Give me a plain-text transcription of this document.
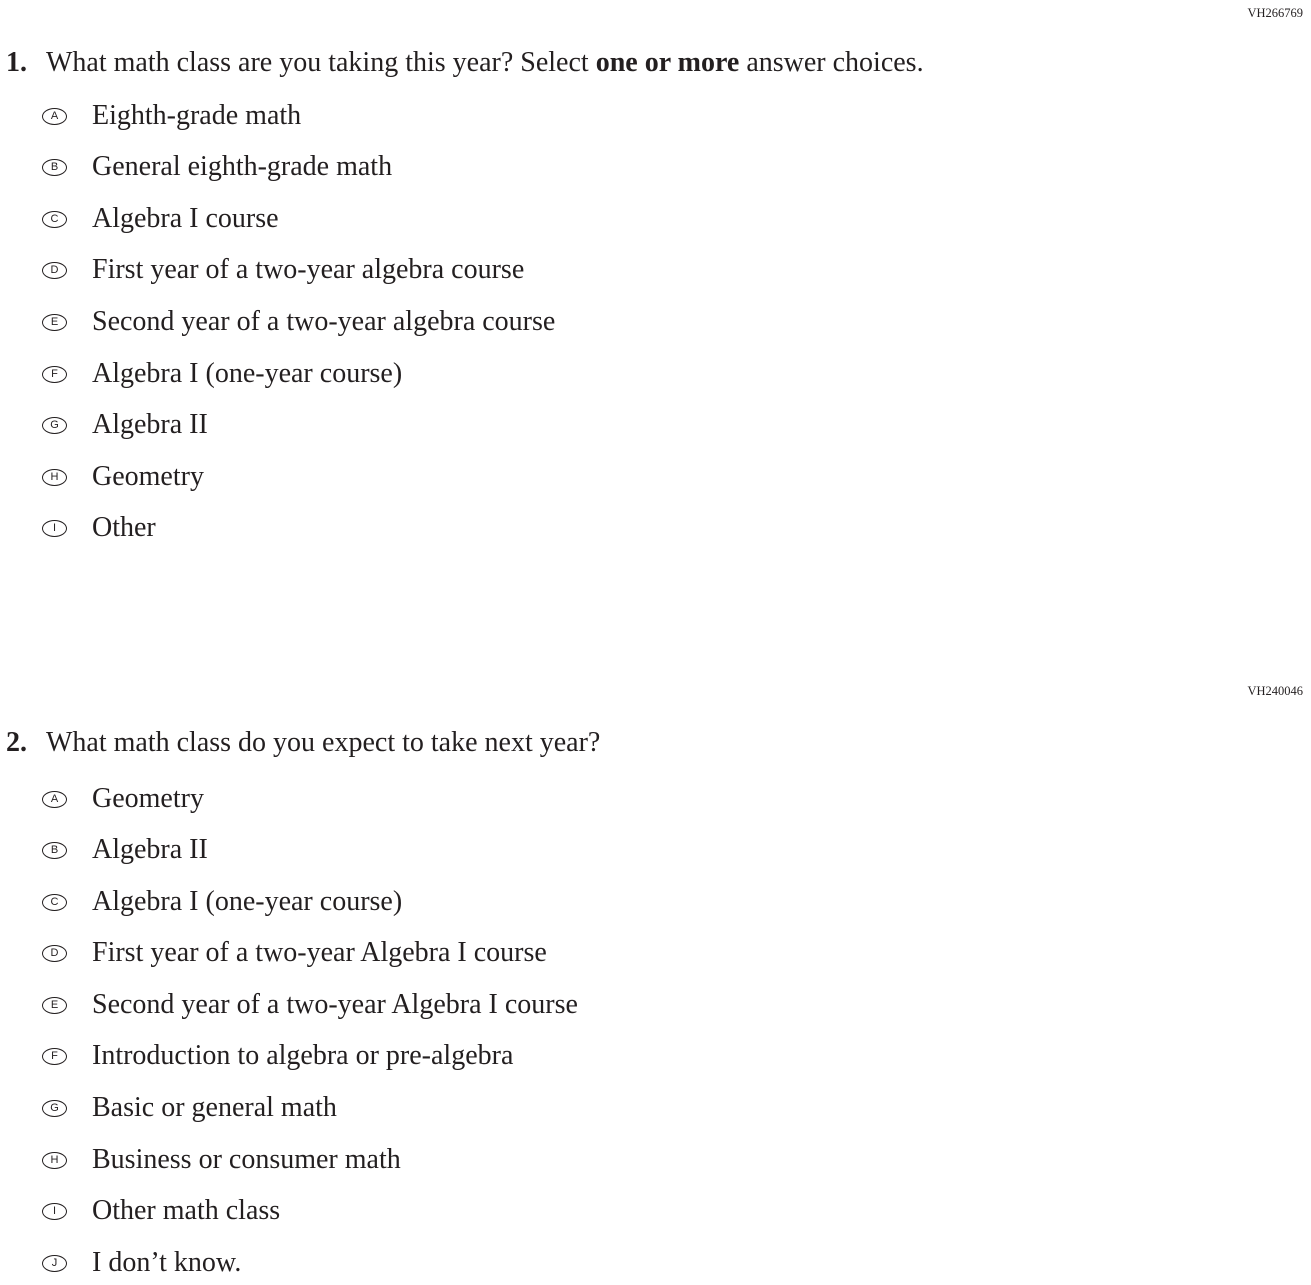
VH266769
1. What math class are you taking this year? Select one or more answer choices.
A	Eighth-grade math
B	General eighth-grade math
C	Algebra I course
D	First year of a two-year algebra course
E	Second year of a two-year algebra course
F	Algebra I (one-year course)
G Algebra II
H	Geometry
I	Other
VH240046
2. What math class do you expect to take next year?
A	Geometry
B	Algebra II
C	Algebra I (one-year course)
D	First year of a two-year Algebra I course
E	Second year of a two-year Algebra I course
F	Introduction to algebra or pre-algebra
G Basic or general math
H	Business or consumer math
I	Other math class
J	I don’t know.
